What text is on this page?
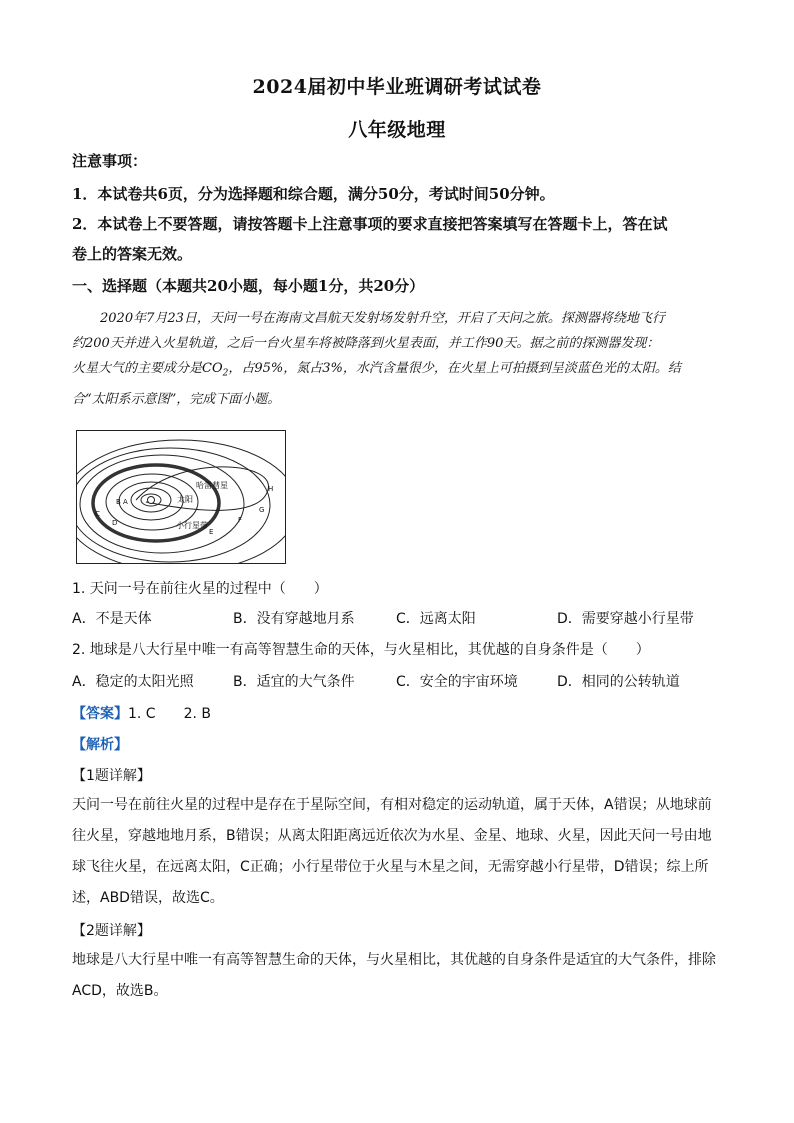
2024届初中毕业班调研考试试卷
八年级地理
注意事项：
1．本试卷共6页，分为选择题和综合题，满分50分，考试时间50分钟。
2．本试卷上不要答题，请按答题卡上注意事项的要求直接把答案填写在答题卡上，答在试
卷上的答案无效。
一、选择题（本题共20小题，每小题1分，共20分）

2020年7月23日，天问一号在海南文昌航天发射场发射升空，开启了天问之旅。探测器将绕地飞行

约200天并进入火星轨道，之后一台火星车将被降落到火星表面，并工作90天。据之前的探测器发现：

火星大气的主要成分是$CO_2$，占95%，氮占3%，水汽含量很少，在火星上可拍摄到呈淡蓝色光的太阳。结

合“太阳系示意图”，完成下面小题。

太阳
哈雷彗星
小行星带
A
B
C
D
E
F
G
H
1. 天问一号在前往火星的过程中（　　）
A．不是天体	B．没有穿越地月系	C．远离太阳	D．需要穿越小行星带
2. 地球是八大行星中唯一有高等智慧生命的天体，与火星相比，其优越的自身条件是（　　）
A．稳定的太阳光照	B．适宜的大气条件	C．安全的宇宙环境	D．相同的公转轨道
【答案】1. C　　2. B
【解析】
【1题详解】

天问一号在前往火星的过程中是存在于星际空间，有相对稳定的运动轨道，属于天体，A错误；从地球前

往火星，穿越地地月系，B错误；从离太阳距离远近依次为水星、金星、地球、火星，因此天问一号由地

球飞往火星，在远离太阳，C正确；小行星带位于火星与木星之间，无需穿越小行星带，D错误；综上所

述，ABD错误，故选C。

【2题详解】

地球是八大行星中唯一有高等智慧生命的天体，与火星相比，其优越的自身条件是适宜的大气条件，排除

ACD，故选B。
